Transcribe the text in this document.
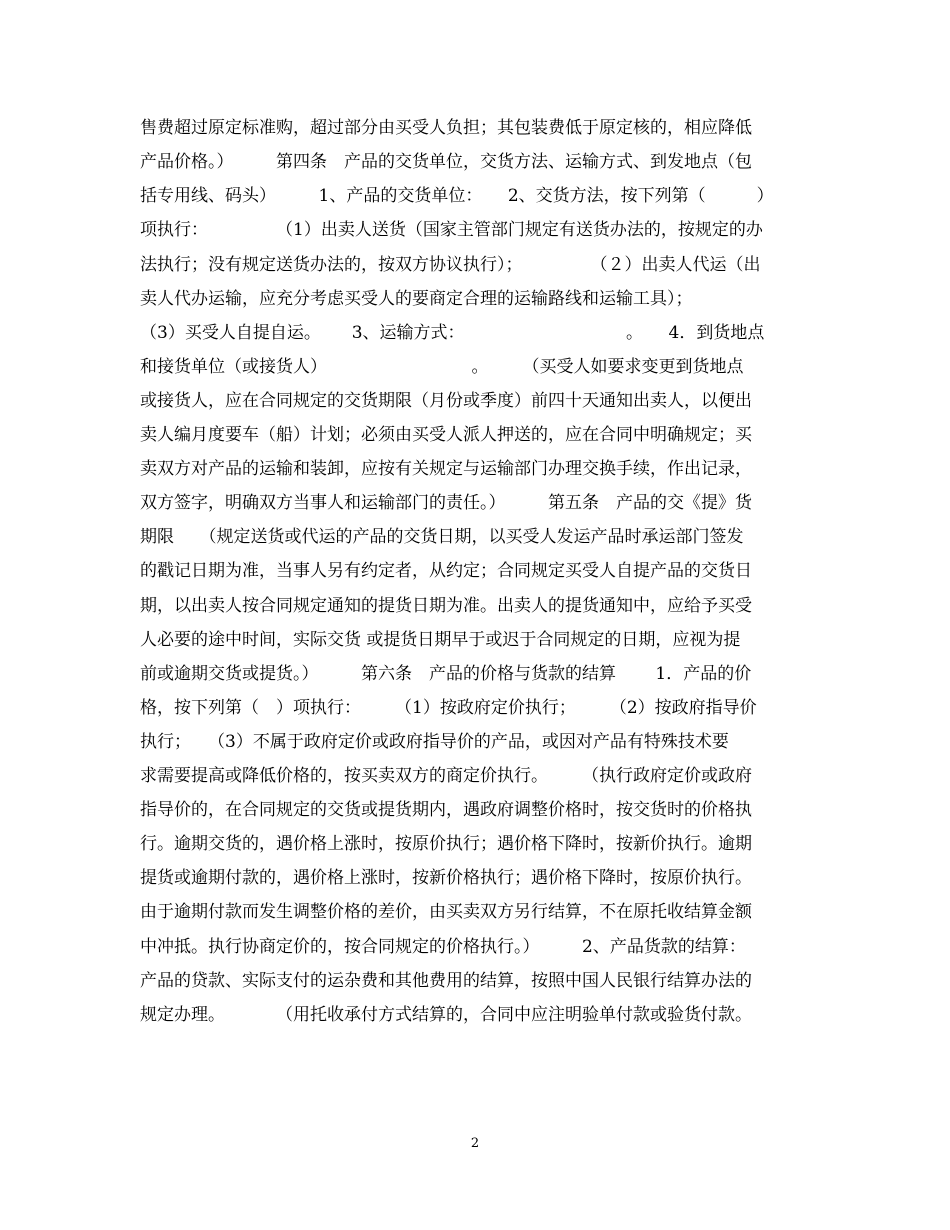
售费超过原定标准购，超过部分由买受人负担；其包装费低于原定核的，相应降低
产品价格。）　　　第四条　产品的交货单位，交货方法、运输方式、到发地点（包
括专用线、码头）　　　1、产品的交货单位：　　2、交货方法，按下列第（　　　）
项执行：　　　　　（1）出卖人送货（国家主管部门规定有送货办法的，按规定的办
法执行；没有规定送货办法的，按双方协议执行）；　　　　　（２）出卖人代运（出
卖人代办运输，应充分考虑买受人的要商定合理的运输路线和运输工具）；
（3）买受人自提自运。　　 3、运输方式：　　　　　　　　　　。　　4．到货地点
和接货单位（或接货人）　　　　　　　　　。　　　（买受人如要求变更到货地点
或接货人，应在合同规定的交货期限（月份或季度）前四十天通知出卖人，以便出
卖人编月度要车（船）计划；必须由买受人派人押送的，应在合同中明确规定；买
卖双方对产品的运输和装卸，应按有关规定与运输部门办理交换手续，作出记录，
双方签字，明确双方当事人和运输部门的责任。）　　　第五条　产品的交《提》货
期限　　（规定送货或代运的产品的交货日期，以买受人发运产品时承运部门签发
的戳记日期为准，当事人另有约定者，从约定；合同规定买受人自提产品的交货日
期，以出卖人按合同规定通知的提货日期为准。出卖人的提货通知中，应给予买受
人必要的途中时间，实际交货 或提货日期早于或迟于合同规定的日期，应视为提
前或逾期交货或提货。）　　　第六条　产品的价格与货款的结算　　 1．产品的价
格，按下列第（　）项执行：　　　（1）按政府定价执行；　　　（2）按政府指导价
执行；　　（3）不属于政府定价或政府指导价的产品，或因对产品有特殊技术要
求需要提高或降低价格的，按买卖双方的商定价执行。　　　（执行政府定价或政府
指导价的，在合同规定的交货或提货期内，遇政府调整价格时，按交货时的价格执
行。逾期交货的，遇价格上涨时，按原价执行；遇价格下降时，按新价执行。逾期
提货或逾期付款的，遇价格上涨时，按新价格执行；遇价格下降时，按原价执行。
由于逾期付款而发生调整价格的差价，由买卖双方另行结算，不在原托收结算金额
中冲抵。执行协商定价的，按合同规定的价格执行。）　　　2、产品货款的结算：
产品的贷款、实际支付的运杂费和其他费用的结算，按照中国人民银行结算办法的
规定办理。　　　　（用托收承付方式结算的，合同中应注明验单付款或验货付款。
2
